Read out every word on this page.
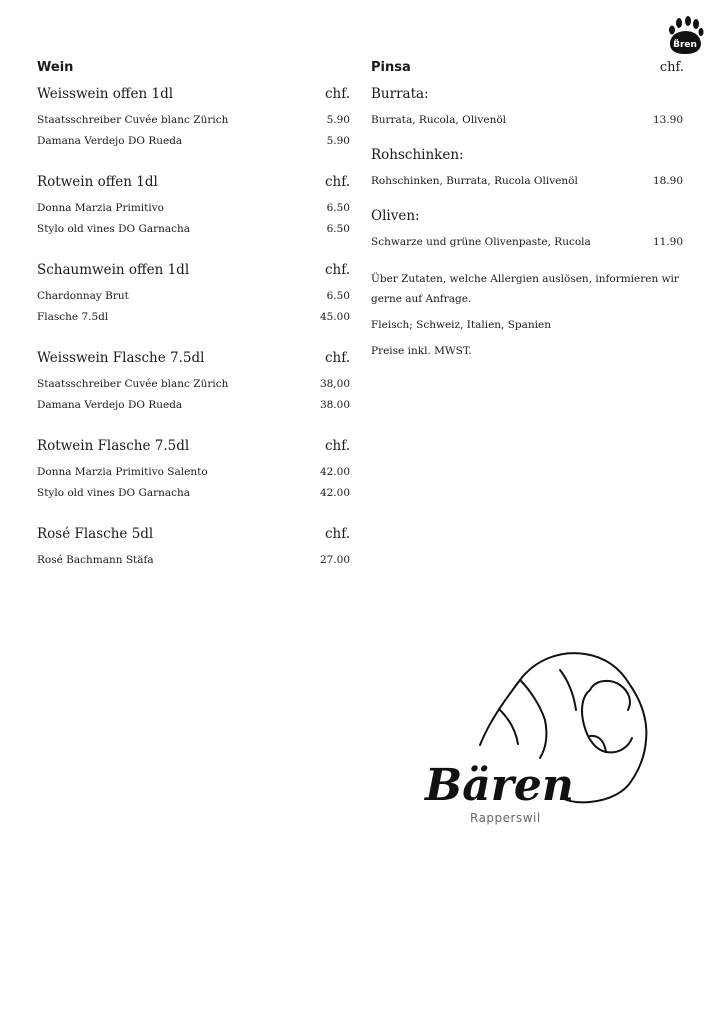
B̈ren
Wein
Weisswein offen 1dl	chf.
Staatsschreiber Cuvée blanc Zürich	5.90
Damana Verdejo DO Rueda	5.90
Rotwein offen 1dl	chf.
Donna Marzia Primitivo	6.50
Stylo old vines DO Garnacha	6.50
Schaumwein offen 1dl	chf.
Chardonnay Brut	6.50
Flasche 7.5dl	45.00
Weisswein Flasche 7.5dl	chf.
Staatsschreiber Cuvée blanc Zürich	38,00
Damana Verdejo DO Rueda	38.00
Rotwein Flasche 7.5dl	chf.
Donna Marzia Primitivo Salento	42.00
Stylo old vines DO Garnacha	42.00
Rosé Flasche 5dl	chf.
Rosé Bachmann Stäfa	27.00
Pinsa	chf.
Burrata:
Burrata, Rucola, Olivenöl	13.90
Rohschinken:
Rohschinken, Burrata, Rucola Olivenöl	18.90
Oliven:
Schwarze und grüne Olivenpaste, Rucola	11.90

Über Zutaten, welche Allergien auslösen, informieren wir gerne auf Anfrage.

Fleisch; Schweiz, Italien, Spanien

Preise inkl. MWST.

Bären
Rapperswil
